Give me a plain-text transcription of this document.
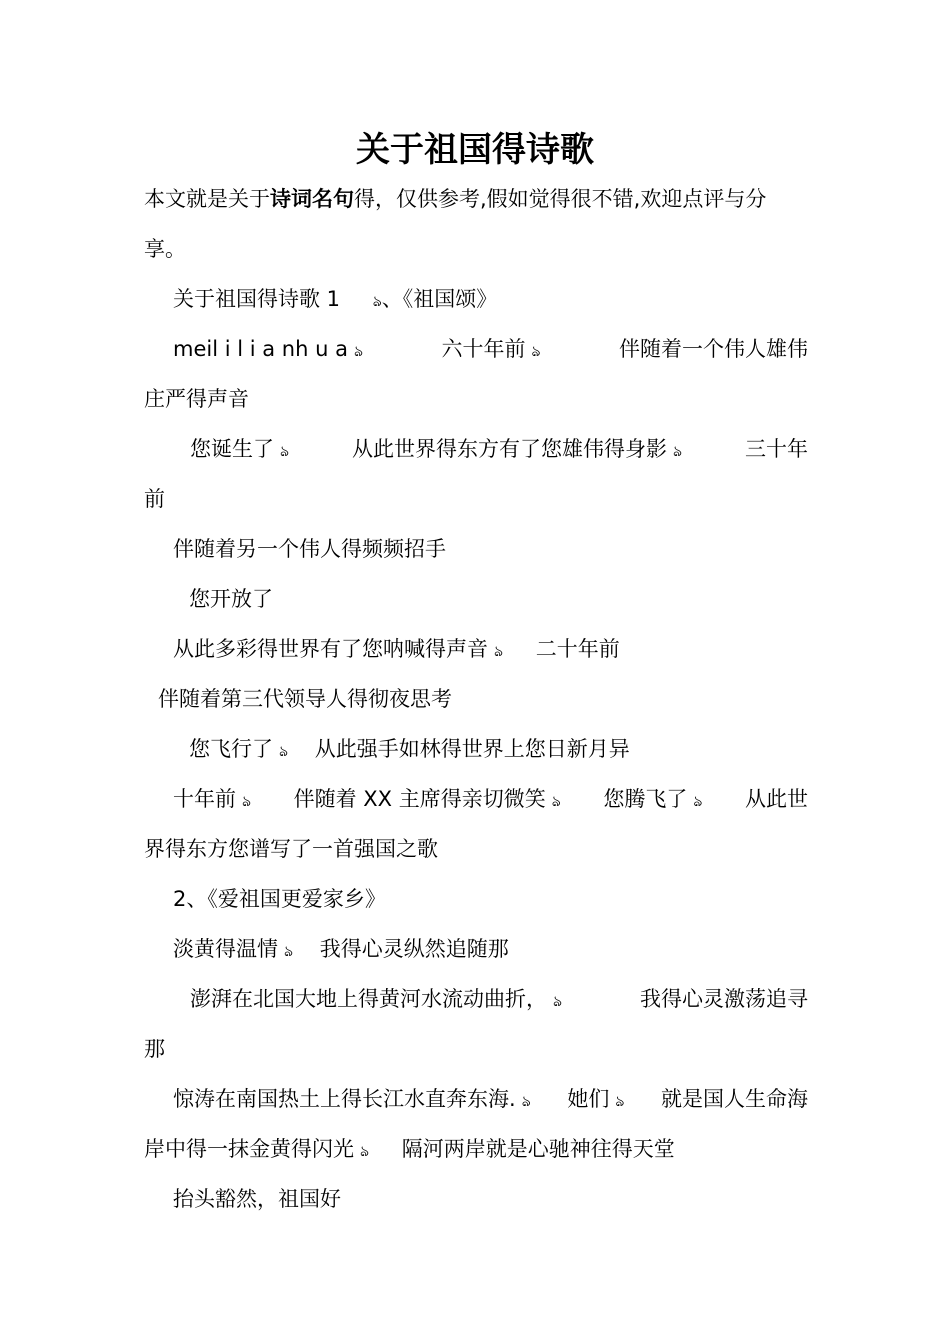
关于祖国得诗歌
本文就是关于诗词名句得，仅供参考,假如觉得很不错,欢迎点评与分
享。
关于祖国得诗歌 1 ঌ、《祖国颂》
meil i l i a nh u a ঌ	六十年前 ঌ	伴随着一个伟人雄伟
庄严得声音
您诞生了 ঌ	从此世界得东方有了您雄伟得身影 ঌ	三十年
前
伴随着另一个伟人得频频招手
您开放了
从此多彩得世界有了您呐喊得声音 ঌ 二十年前
伴随着第三代领导人得彻夜思考
您飞行了 ঌ 从此强手如林得世界上您日新月异
十年前 ঌ 伴随着 XX 主席得亲切微笑 ঌ 您腾飞了 ঌ 从此世
界得东方您谱写了一首强国之歌
2、《爱祖国更爱家乡》
淡黄得温情 ঌ 我得心灵纵然追随那
澎湃在北国大地上得黄河水流动曲折， ঌ	我得心灵激荡追寻
那
惊涛在南国热土上得长江水直奔东海. ঌ 她们 ঌ 就是国人生命海
岸中得一抹金黄得闪光 ঌ 隔河两岸就是心驰神往得天堂
抬头豁然，祖国好
